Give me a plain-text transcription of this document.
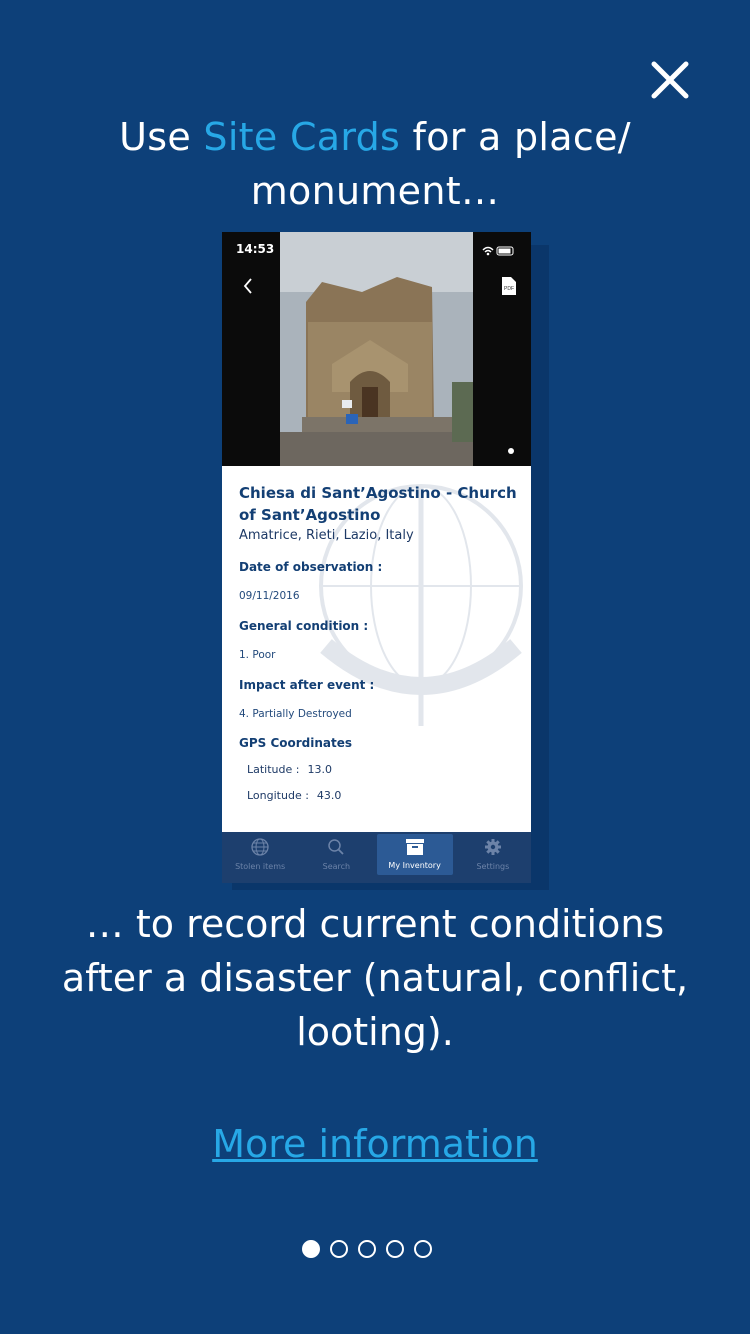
Use Site Cards for a place/ monument…
14:53
PDF
Chiesa di Sant’Agostino - Church of Sant’Agostino
Amatrice, Rieti, Lazio, Italy
Date of observation :
09/11/2016
General condition :
1. Poor
Impact after event :
4. Partially Destroyed
GPS Coordinates
Latitude : 13.0
Longitude : 43.0
Stolen items	Search	My Inventory	Settings
… to record current conditions after a disaster (natural, conflict, looting).
More information
